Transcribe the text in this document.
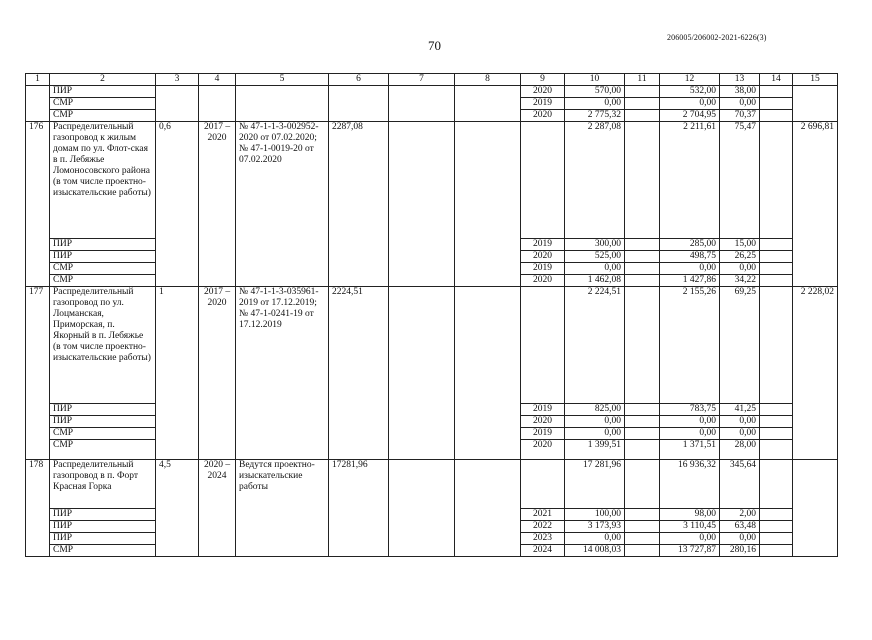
206005/206002-2021-6226(3)
70
1	2	3	4	5	6	7	8	9	10	11	12	13	14	15
	ПИР							2020	570,00		532,00	38,00		
	СМР							2019	0,00		0,00	0,00		
	СМР							2020	2 775,32		2 704,95	70,37		
176	Распределительный газопровод к жилым домам по ул. Флот-ская в п. Лебяжье Ломоносовского района (в том числе проектно-изыскательские работы)	0,6	2017 – 2020	№ 47-1-1-3-002952-2020 от 07.02.2020; № 47-1-0019-20 от 07.02.2020	2287,08				2 287,08		2 211,61	75,47		2 696,81
	ПИР							2019	300,00		285,00	15,00		
	ПИР							2020	525,00		498,75	26,25		
	СМР							2019	0,00		0,00	0,00		
	СМР							2020	1 462,08		1 427,86	34,22		
177	Распределительный газопровод по ул. Лоцманская, Приморская, п. Якорный в п. Лебяжье (в том числе проектно-изыскательские работы)	1	2017 – 2020	№ 47-1-1-3-035961-2019 от 17.12.2019; № 47-1-0241-19 от 17.12.2019	2224,51				2 224,51		2 155,26	69,25		2 228,02
	ПИР							2019	825,00		783,75	41,25		
	ПИР							2020	0,00		0,00	0,00		
	СМР							2019	0,00		0,00	0,00		
	СМР							2020	1 399,51		1 371,51	28,00		
178	Распределительный газопровод в п. Форт Красная Горка	4,5	2020 – 2024	Ведутся проектно-изыскательские работы	17281,96				17 281,96		16 936,32	345,64		
	ПИР							2021	100,00		98,00	2,00		
	ПИР							2022	3 173,93		3 110,45	63,48		
	ПИР							2023	0,00		0,00	0,00		
	СМР							2024	14 008,03		13 727,87	280,16		
